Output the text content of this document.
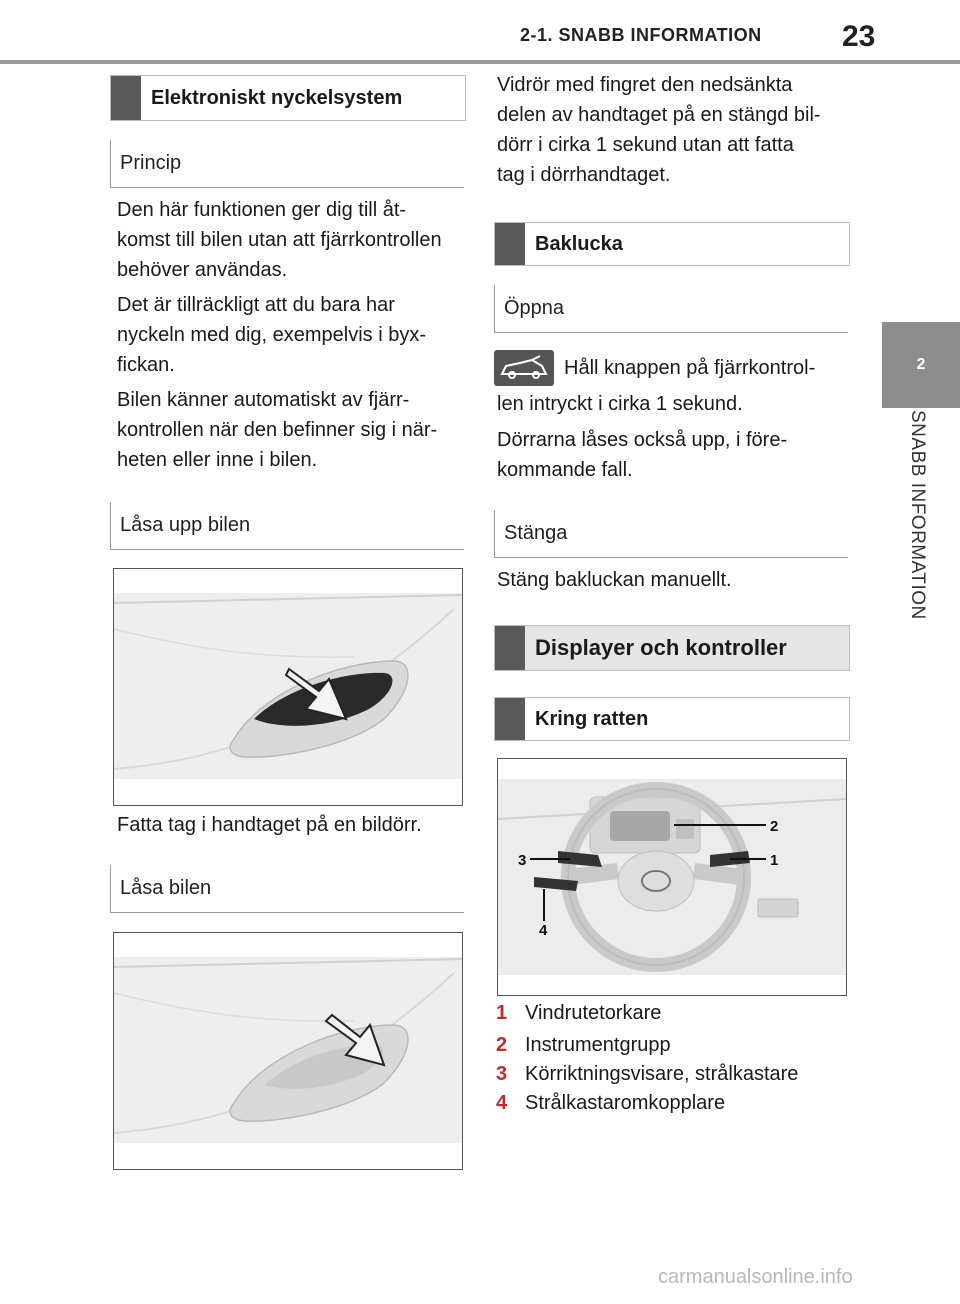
2-1. SNABB INFORMATION	23
2
SNABB INFORMATION
Elektroniskt nyckelsystem
Princip
Den här funktionen ger dig till åt-
komst till bilen utan att fjärrkontrollen
behöver användas.
Det är tillräckligt att du bara har
nyckeln med dig, exempelvis i byx-
fickan.
Bilen känner automatiskt av fjärr-
kontrollen när den befinner sig i när-
heten eller inne i bilen.
Låsa upp bilen
Fatta tag i handtaget på en bildörr.
Låsa bilen
Vidrör med fingret den nedsänkta
delen av handtaget på en stängd bil-
dörr i cirka 1 sekund utan att fatta
tag i dörrhandtaget.
Baklucka
Öppna
Håll knappen på fjärrkontrol-
len intryckt i cirka 1 sekund.
Dörrarna låses också upp, i före-
kommande fall.
Stänga
Stäng bakluckan manuellt.
Displayer och kontroller
Kring ratten
2
3	1
4
1 Vindrutetorkare
2 Instrumentgrupp
3 Körriktningsvisare, strålkastare
4 Strålkastaromkopplare
carmanualsonline.info
